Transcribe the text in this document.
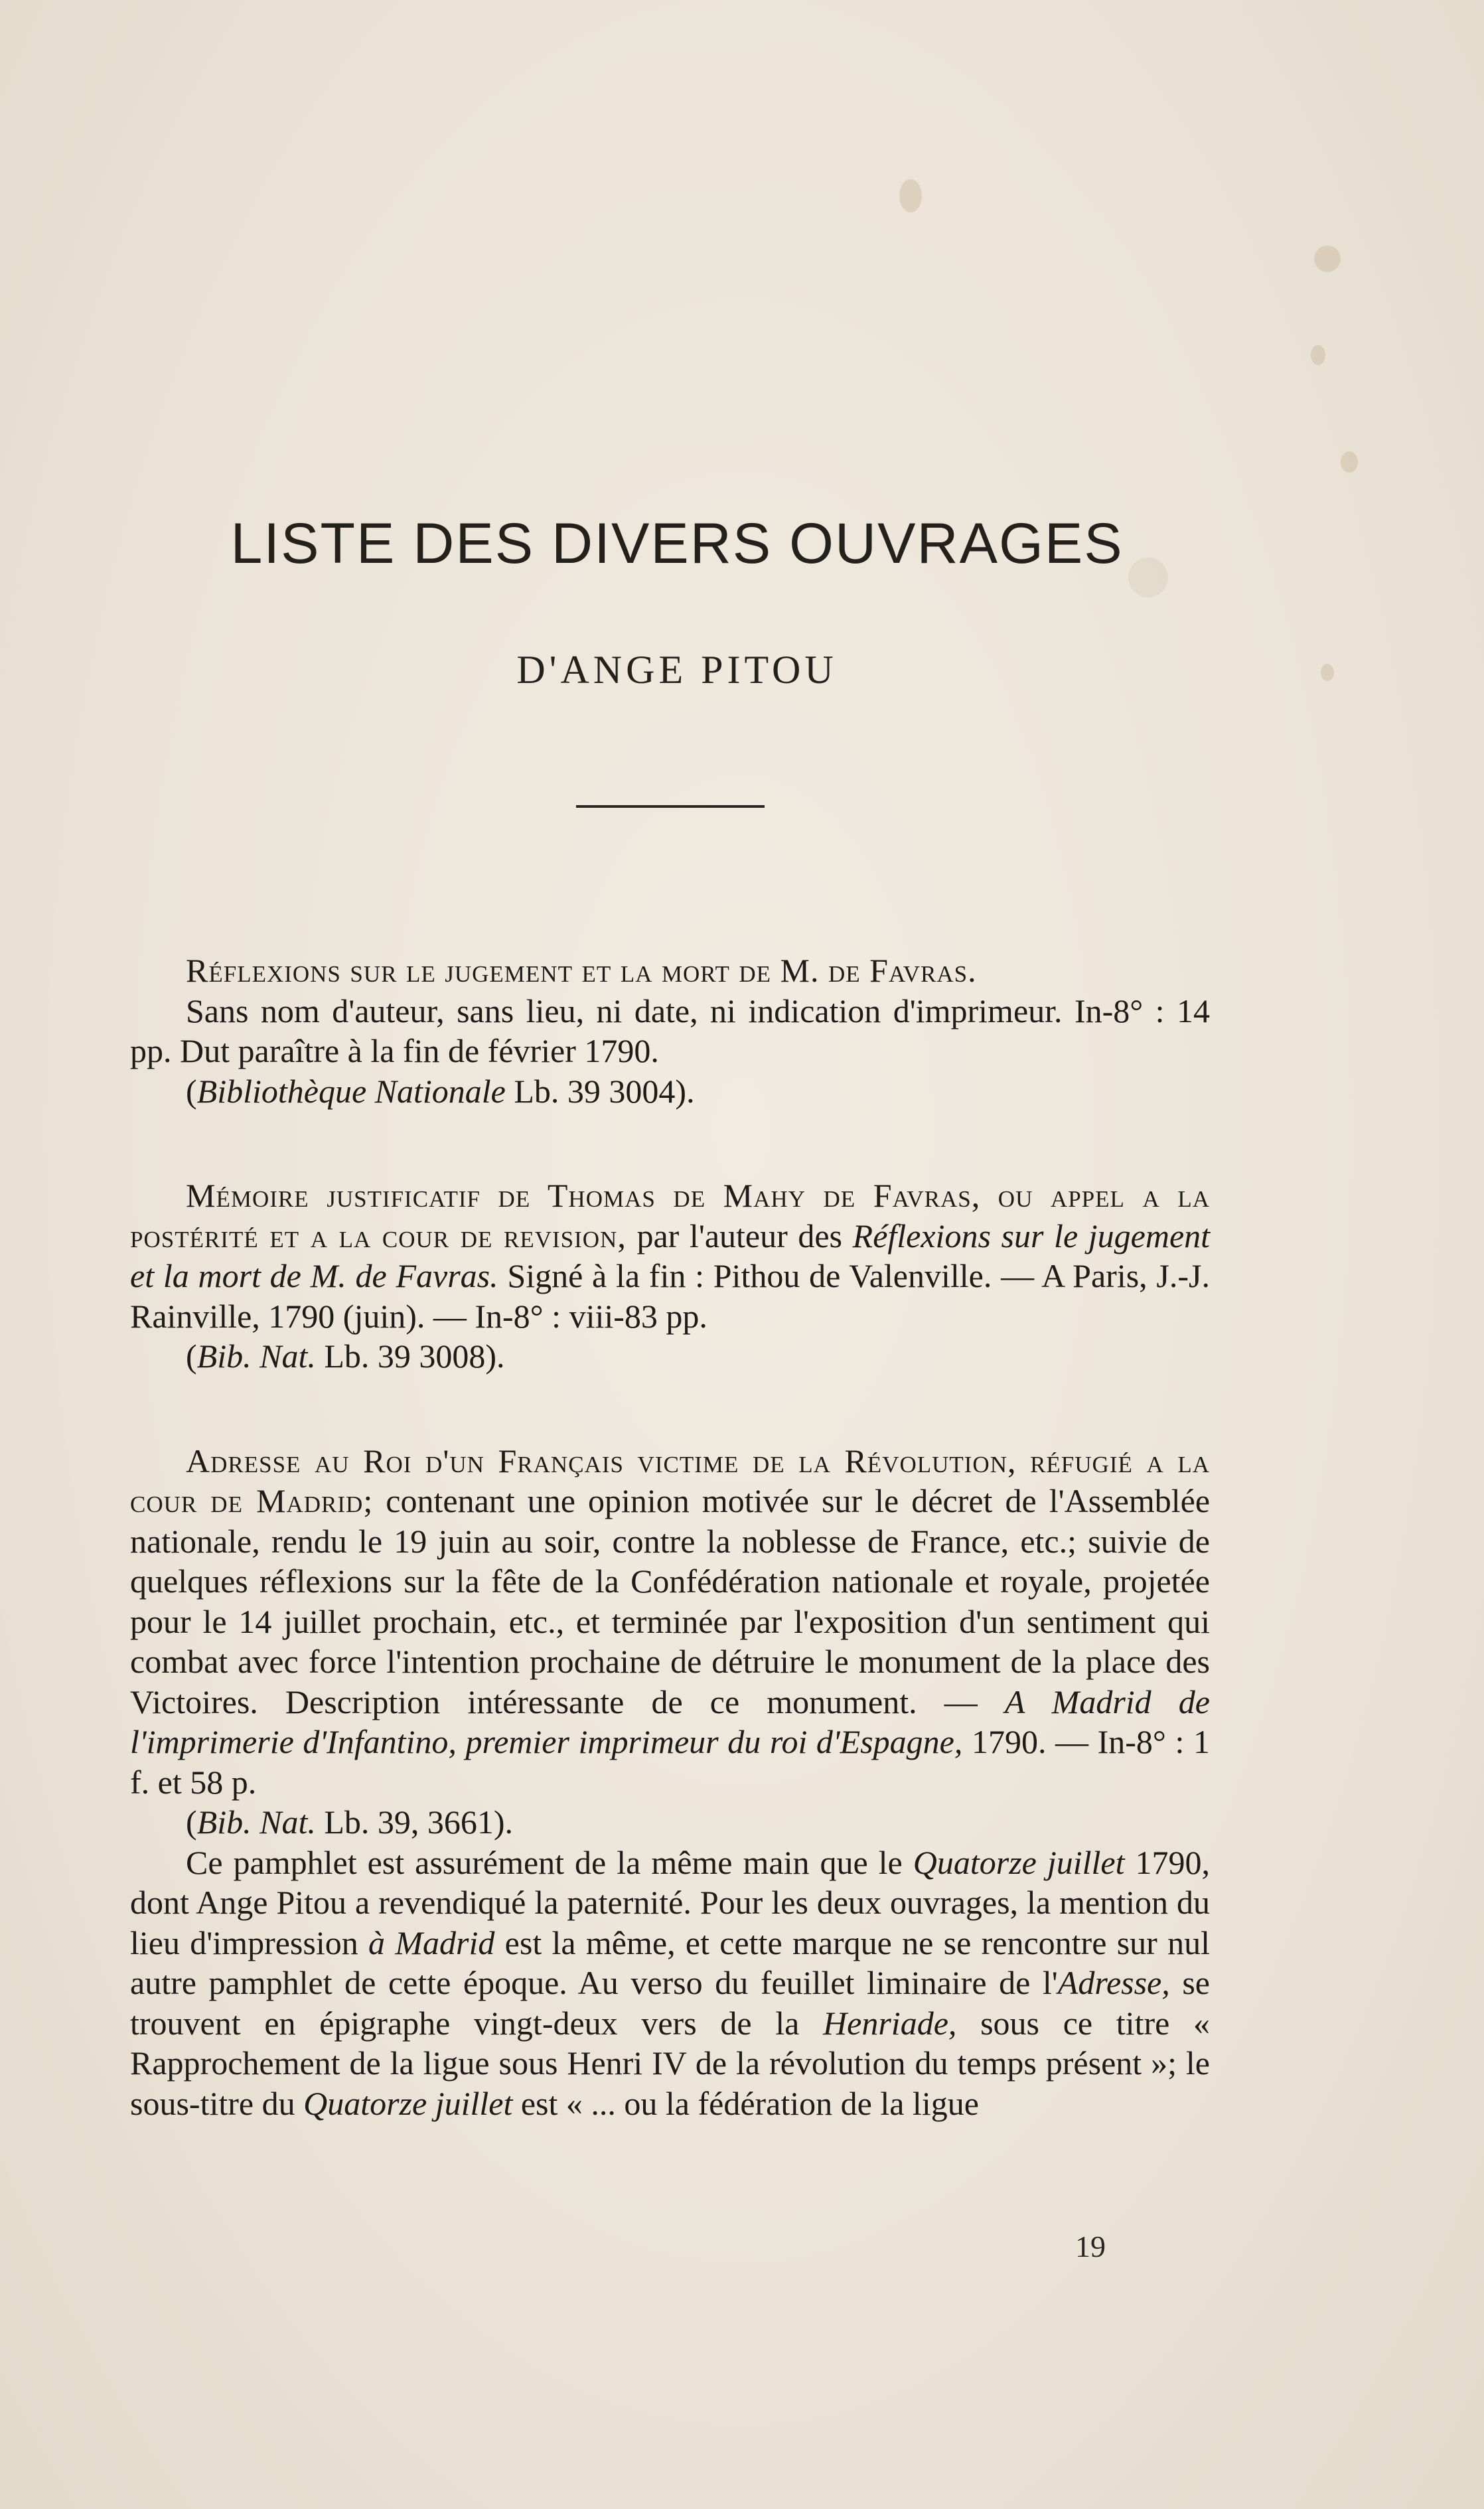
LISTE DES DIVERS OUVRAGES
D'ANGE PITOU

Réflexions sur le jugement et la mort de M. de Favras.

Sans nom d'auteur, sans lieu, ni date, ni indication d'imprimeur. In-8° : 14 pp. Dut paraître à la fin de février 1790.

(Bibliothèque Nationale Lb. 39 3004).

Mémoire justificatif de Thomas de Mahy de Favras, ou appel a la postérité et a la cour de revision, par l'auteur des Réflexions sur le jugement et la mort de M. de Favras. Signé à la fin : Pithou de Valenville. — A Paris, J.-J. Rainville, 1790 (juin). — In-8° : viii-83 pp.

(Bib. Nat. Lb. 39 3008).

Adresse au Roi d'un Français victime de la Révolution, réfugié a la cour de Madrid; contenant une opinion motivée sur le décret de l'Assemblée nationale, rendu le 19 juin au soir, contre la noblesse de France, etc.; suivie de quelques réflexions sur la fête de la Confédération nationale et royale, projetée pour le 14 juillet prochain, etc., et terminée par l'exposition d'un sentiment qui combat avec force l'intention prochaine de détruire le monument de la place des Victoires. Description intéressante de ce monument. — A Madrid de l'imprimerie d'Infantino, premier imprimeur du roi d'Espagne, 1790. — In-8° : 1 f. et 58 p.

(Bib. Nat. Lb. 39, 3661).

Ce pamphlet est assurément de la même main que le Quatorze juillet 1790, dont Ange Pitou a revendiqué la paternité. Pour les deux ouvrages, la mention du lieu d'impression à Madrid est la même, et cette marque ne se rencontre sur nul autre pamphlet de cette époque. Au verso du feuillet liminaire de l'Adresse, se trouvent en épigraphe vingt-deux vers de la Henriade, sous ce titre « Rapprochement de la ligue sous Henri IV de la révolution du temps présent »; le sous-titre du Quatorze juillet est « ... ou la fédération de la ligue

19
